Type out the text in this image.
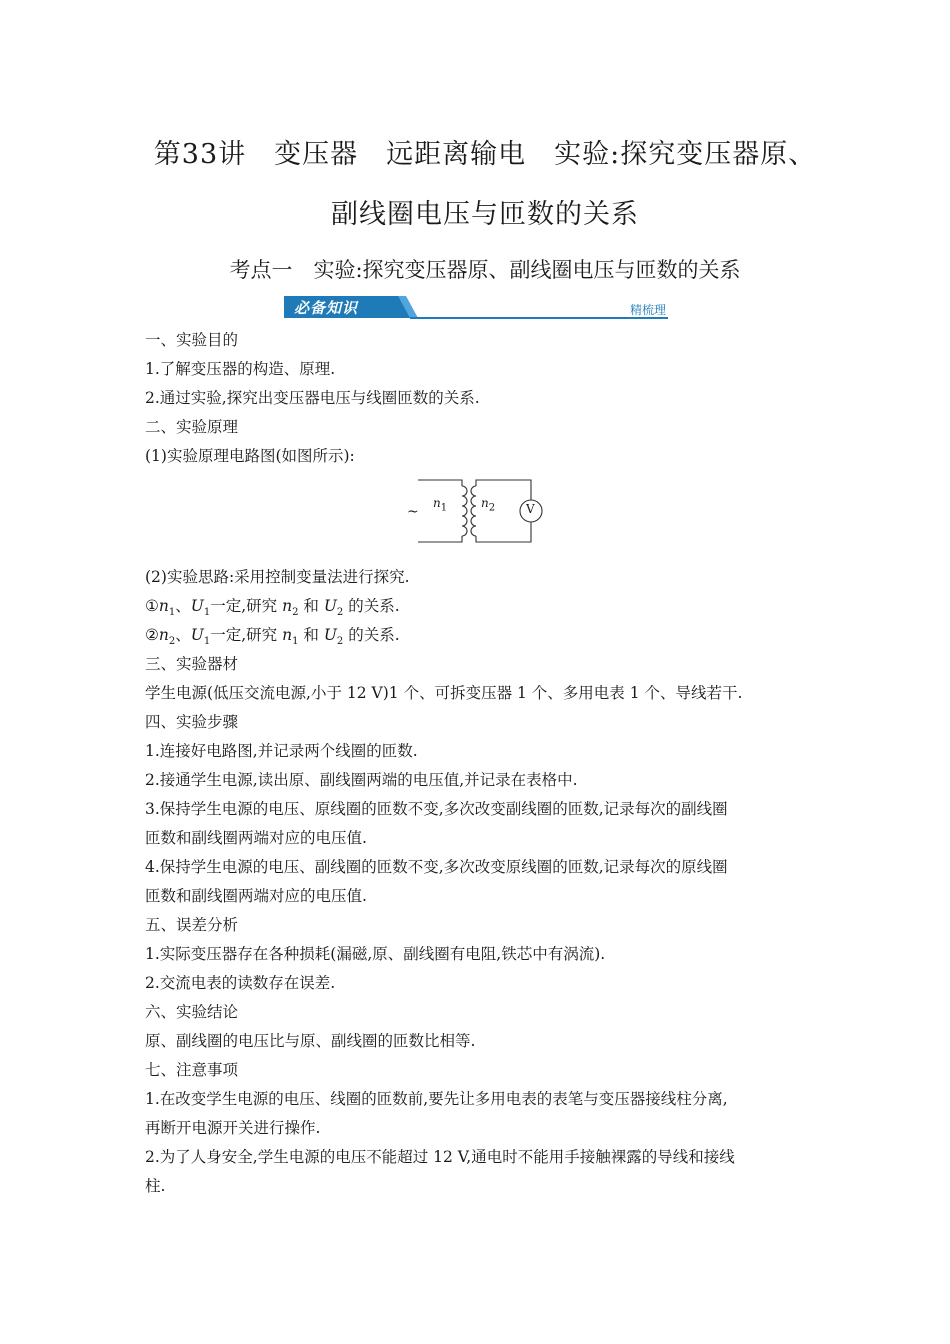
第33讲　变压器　远距离输电　实验:探究变压器原、
副线圈电压与匝数的关系
考点一　实验:探究变压器原、副线圈电压与匝数的关系
必备知识	精梳理
一、实验目的
1.了解变压器的构造、原理.
2.通过实验,探究出变压器电压与线圈匝数的关系.
二、实验原理
(1)实验原理电路图(如图所示):
~
$n_1$	$n_2$	V
(2)实验思路:采用控制变量法进行探究.
$①n_1$、$U_1$一定,研究 $n_2$ 和 $U_2$ 的关系.
$②n_2$、$U_1$一定,研究 $n_1$ 和 $U_2$ 的关系.
三、实验器材
学生电源(低压交流电源,小于 12 V)1 个、可拆变压器 1 个、多用电表 1 个、导线若干.
四、实验步骤
1.连接好电路图,并记录两个线圈的匝数.
2.接通学生电源,读出原、副线圈两端的电压值,并记录在表格中.
3.保持学生电源的电压、原线圈的匝数不变,多次改变副线圈的匝数,记录每次的副线圈
匝数和副线圈两端对应的电压值.
4.保持学生电源的电压、副线圈的匝数不变,多次改变原线圈的匝数,记录每次的原线圈
匝数和副线圈两端对应的电压值.
五、误差分析
1.实际变压器存在各种损耗(漏磁,原、副线圈有电阻,铁芯中有涡流).
2.交流电表的读数存在误差.
六、实验结论
原、副线圈的电压比与原、副线圈的匝数比相等.
七、注意事项
1.在改变学生电源的电压、线圈的匝数前,要先让多用电表的表笔与变压器接线柱分离,
再断开电源开关进行操作.
2.为了人身安全,学生电源的电压不能超过 12 V,通电时不能用手接触裸露的导线和接线
柱.
